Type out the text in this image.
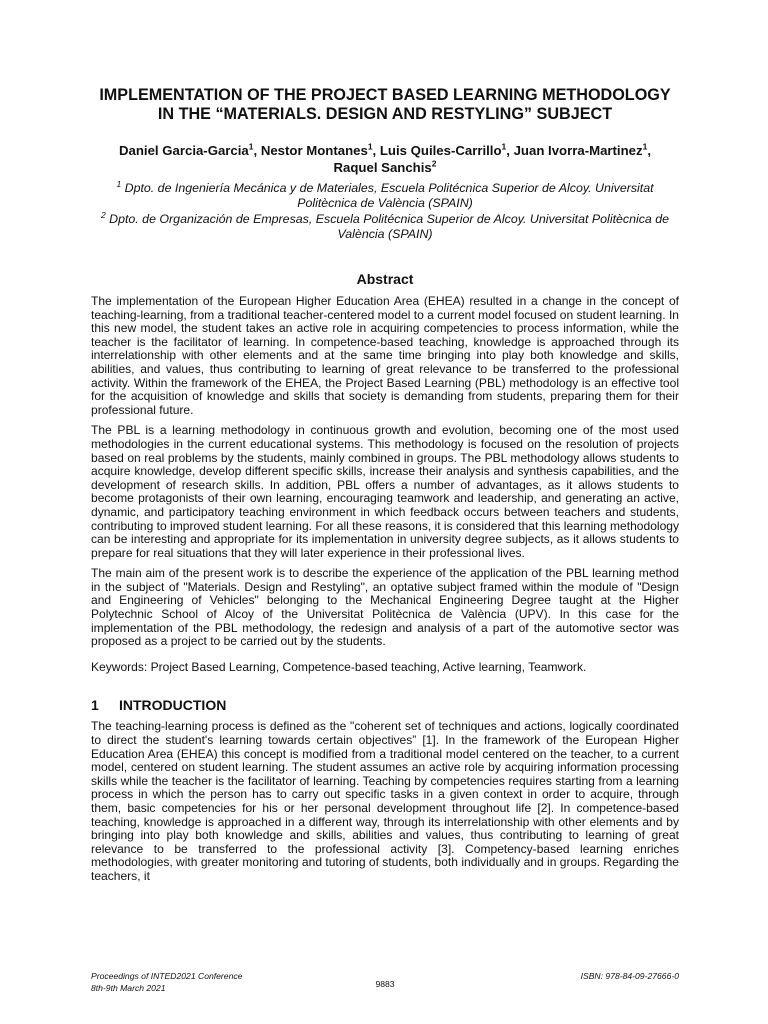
IMPLEMENTATION OF THE PROJECT BASED LEARNING METHODOLOGY IN THE “MATERIALS. DESIGN AND RESTYLING” SUBJECT
Daniel Garcia-Garcia$^1$, Nestor Montanes$^1$, Luis Quiles-Carrillo$^1$, Juan Ivorra-Martinez$^1$, Raquel Sanchis$^2$
$^1$ Dpto. de Ingeniería Mecánica y de Materiales, Escuela Politécnica Superior de Alcoy. Universitat Politècnica de València (SPAIN)
$^2$ Dpto. de Organización de Empresas, Escuela Politécnica Superior de Alcoy. Universitat Politècnica de València (SPAIN)
Abstract

The implementation of the European Higher Education Area (EHEA) resulted in a change in the concept of teaching-learning, from a traditional teacher-centered model to a current model focused on student learning. In this new model, the student takes an active role in acquiring competencies to process information, while the teacher is the facilitator of learning. In competence-based teaching, knowledge is approached through its interrelationship with other elements and at the same time bringing into play both knowledge and skills, abilities, and values, thus contributing to learning of great relevance to be transferred to the professional activity. Within the framework of the EHEA, the Project Based Learning (PBL) methodology is an effective tool for the acquisition of knowledge and skills that society is demanding from students, preparing them for their professional future.

The PBL is a learning methodology in continuous growth and evolution, becoming one of the most used methodologies in the current educational systems. This methodology is focused on the resolution of projects based on real problems by the students, mainly combined in groups. The PBL methodology allows students to acquire knowledge, develop different specific skills, increase their analysis and synthesis capabilities, and the development of research skills. In addition, PBL offers a number of advantages, as it allows students to become protagonists of their own learning, encouraging teamwork and leadership, and generating an active, dynamic, and participatory teaching environment in which feedback occurs between teachers and students, contributing to improved student learning. For all these reasons, it is considered that this learning methodology can be interesting and appropriate for its implementation in university degree subjects, as it allows students to prepare for real situations that they will later experience in their professional lives.

The main aim of the present work is to describe the experience of the application of the PBL learning method in the subject of "Materials. Design and Restyling", an optative subject framed within the module of "Design and Engineering of Vehicles" belonging to the Mechanical Engineering Degree taught at the Higher Polytechnic School of Alcoy of the Universitat Politècnica de València (UPV). In this case for the implementation of the PBL methodology, the redesign and analysis of a part of the automotive sector was proposed as a project to be carried out by the students.

Keywords: Project Based Learning, Competence-based teaching, Active learning, Teamwork.

1	INTRODUCTION

The teaching-learning process is defined as the "coherent set of techniques and actions, logically coordinated to direct the student's learning towards certain objectives” [1]. In the framework of the European Higher Education Area (EHEA) this concept is modified from a traditional model centered on the teacher, to a current model, centered on student learning. The student assumes an active role by acquiring information processing skills while the teacher is the facilitator of learning. Teaching by competencies requires starting from a learning process in which the person has to carry out specific tasks in a given context in order to acquire, through them, basic competencies for his or her personal development throughout life [2]. In competence-based teaching, knowledge is approached in a different way, through its interrelationship with other elements and by bringing into play both knowledge and skills, abilities and values, thus contributing to learning of great relevance to be transferred to the professional activity [3]. Competency-based learning enriches methodologies, with greater monitoring and tutoring of students, both individually and in groups. Regarding the teachers, it

Proceedings of INTED2021 Conference
8th-9th March 2021	9883
ISBN: 978-84-09-27666-0
